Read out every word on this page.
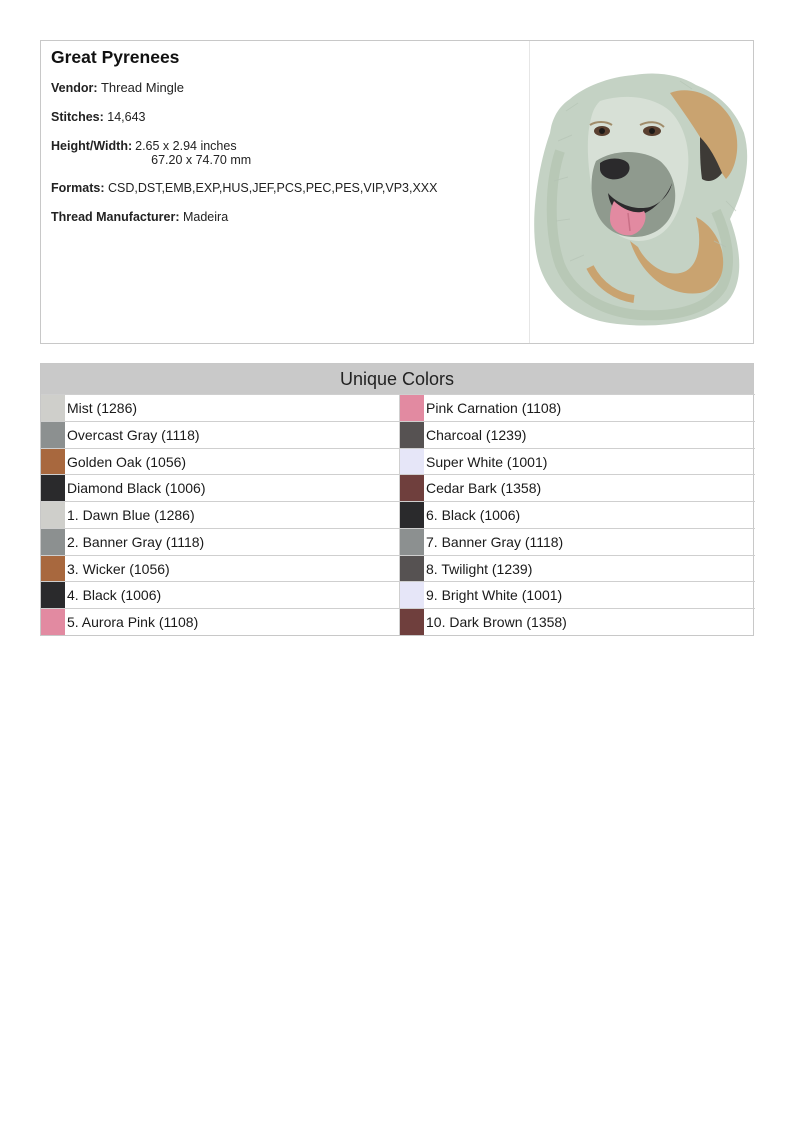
Great Pyrenees
Vendor: Thread Mingle
Stitches: 14,643
Height/Width: 2.65 x 2.94 inches
67.20 x 74.70 mm
Formats: CSD,DST,EMB,EXP,HUS,JEF,PCS,PEC,PES,VIP,VP3,XXX
Thread Manufacturer: Madeira
Unique Colors
Mist (1286)	Pink Carnation (1108)
Overcast Gray (1118)	Charcoal (1239)
Golden Oak (1056)	Super White (1001)
Diamond Black (1006)	Cedar Bark (1358)
1. Dawn Blue (1286)	6. Black (1006)
2. Banner Gray (1118)	7. Banner Gray (1118)
3. Wicker (1056)	8. Twilight (1239)
4. Black (1006)	9. Bright White (1001)
5. Aurora Pink (1108)	10. Dark Brown (1358)
